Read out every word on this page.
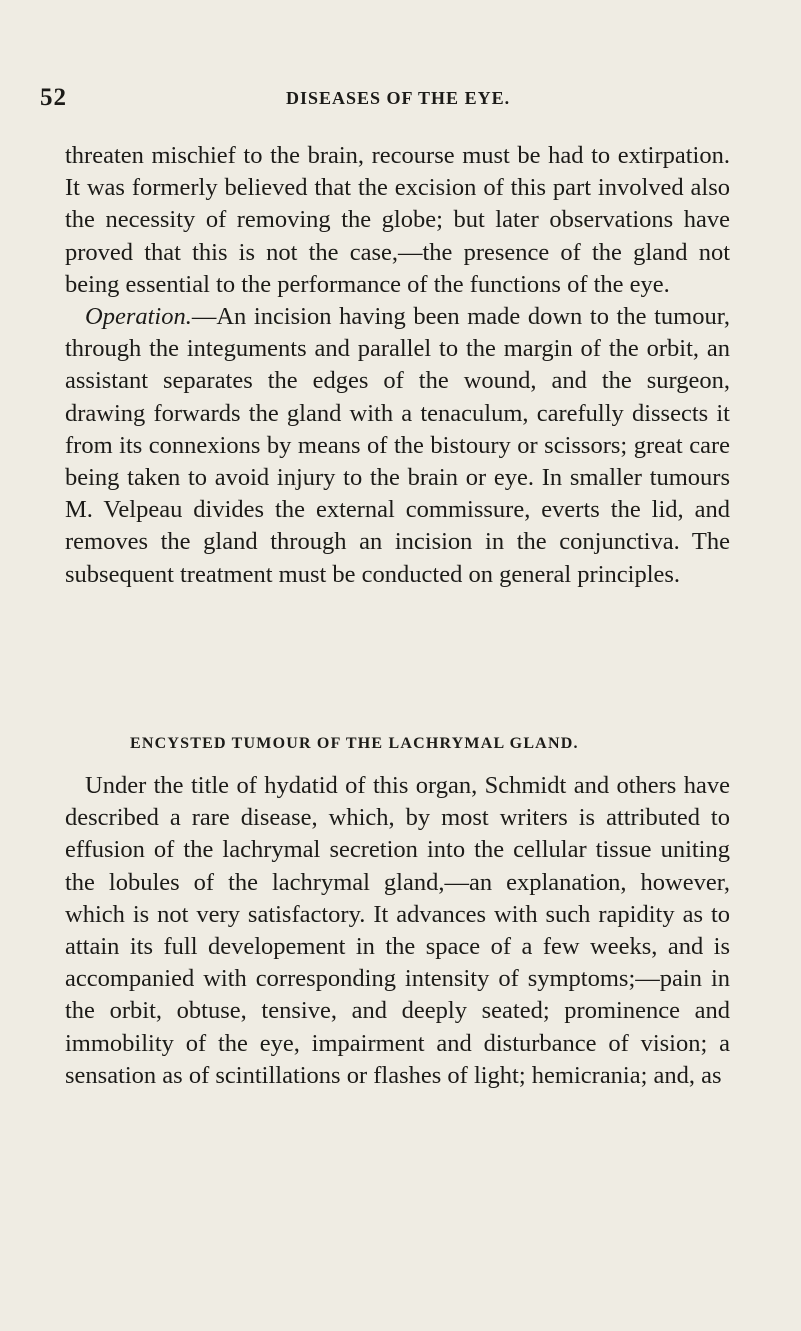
52	DISEASES OF THE EYE.

threaten mischief to the brain, recourse must be had to extirpation. It was formerly believed that the excision of this part involved also the necessity of removing the globe; but later observations have proved that this is not the case,—the presence of the gland not being essential to the performance of the functions of the eye.

Operation.—An incision having been made down to the tumour, through the integuments and parallel to the margin of the orbit, an assistant separates the edges of the wound, and the surgeon, drawing forwards the gland with a tenaculum, carefully dissects it from its connexions by means of the bistoury or scissors; great care being taken to avoid injury to the brain or eye. In smaller tumours M. Velpeau divides the external commissure, everts the lid, and removes the gland through an incision in the conjunctiva. The subsequent treatment must be conducted on general principles.

ENCYSTED TUMOUR OF THE LACHRYMAL GLAND.

Under the title of hydatid of this organ, Schmidt and others have described a rare disease, which, by most writers is attributed to effusion of the lachrymal secretion into the cellular tissue uniting the lobules of the lachrymal gland,—an explanation, however, which is not very satisfactory. It advances with such rapidity as to attain its full developement in the space of a few weeks, and is accompanied with corresponding intensity of symptoms;—pain in the orbit, obtuse, tensive, and deeply seated; prominence and immobility of the eye, impairment and disturbance of vision; a sensation as of scintillations or flashes of light; hemicrania; and, as
